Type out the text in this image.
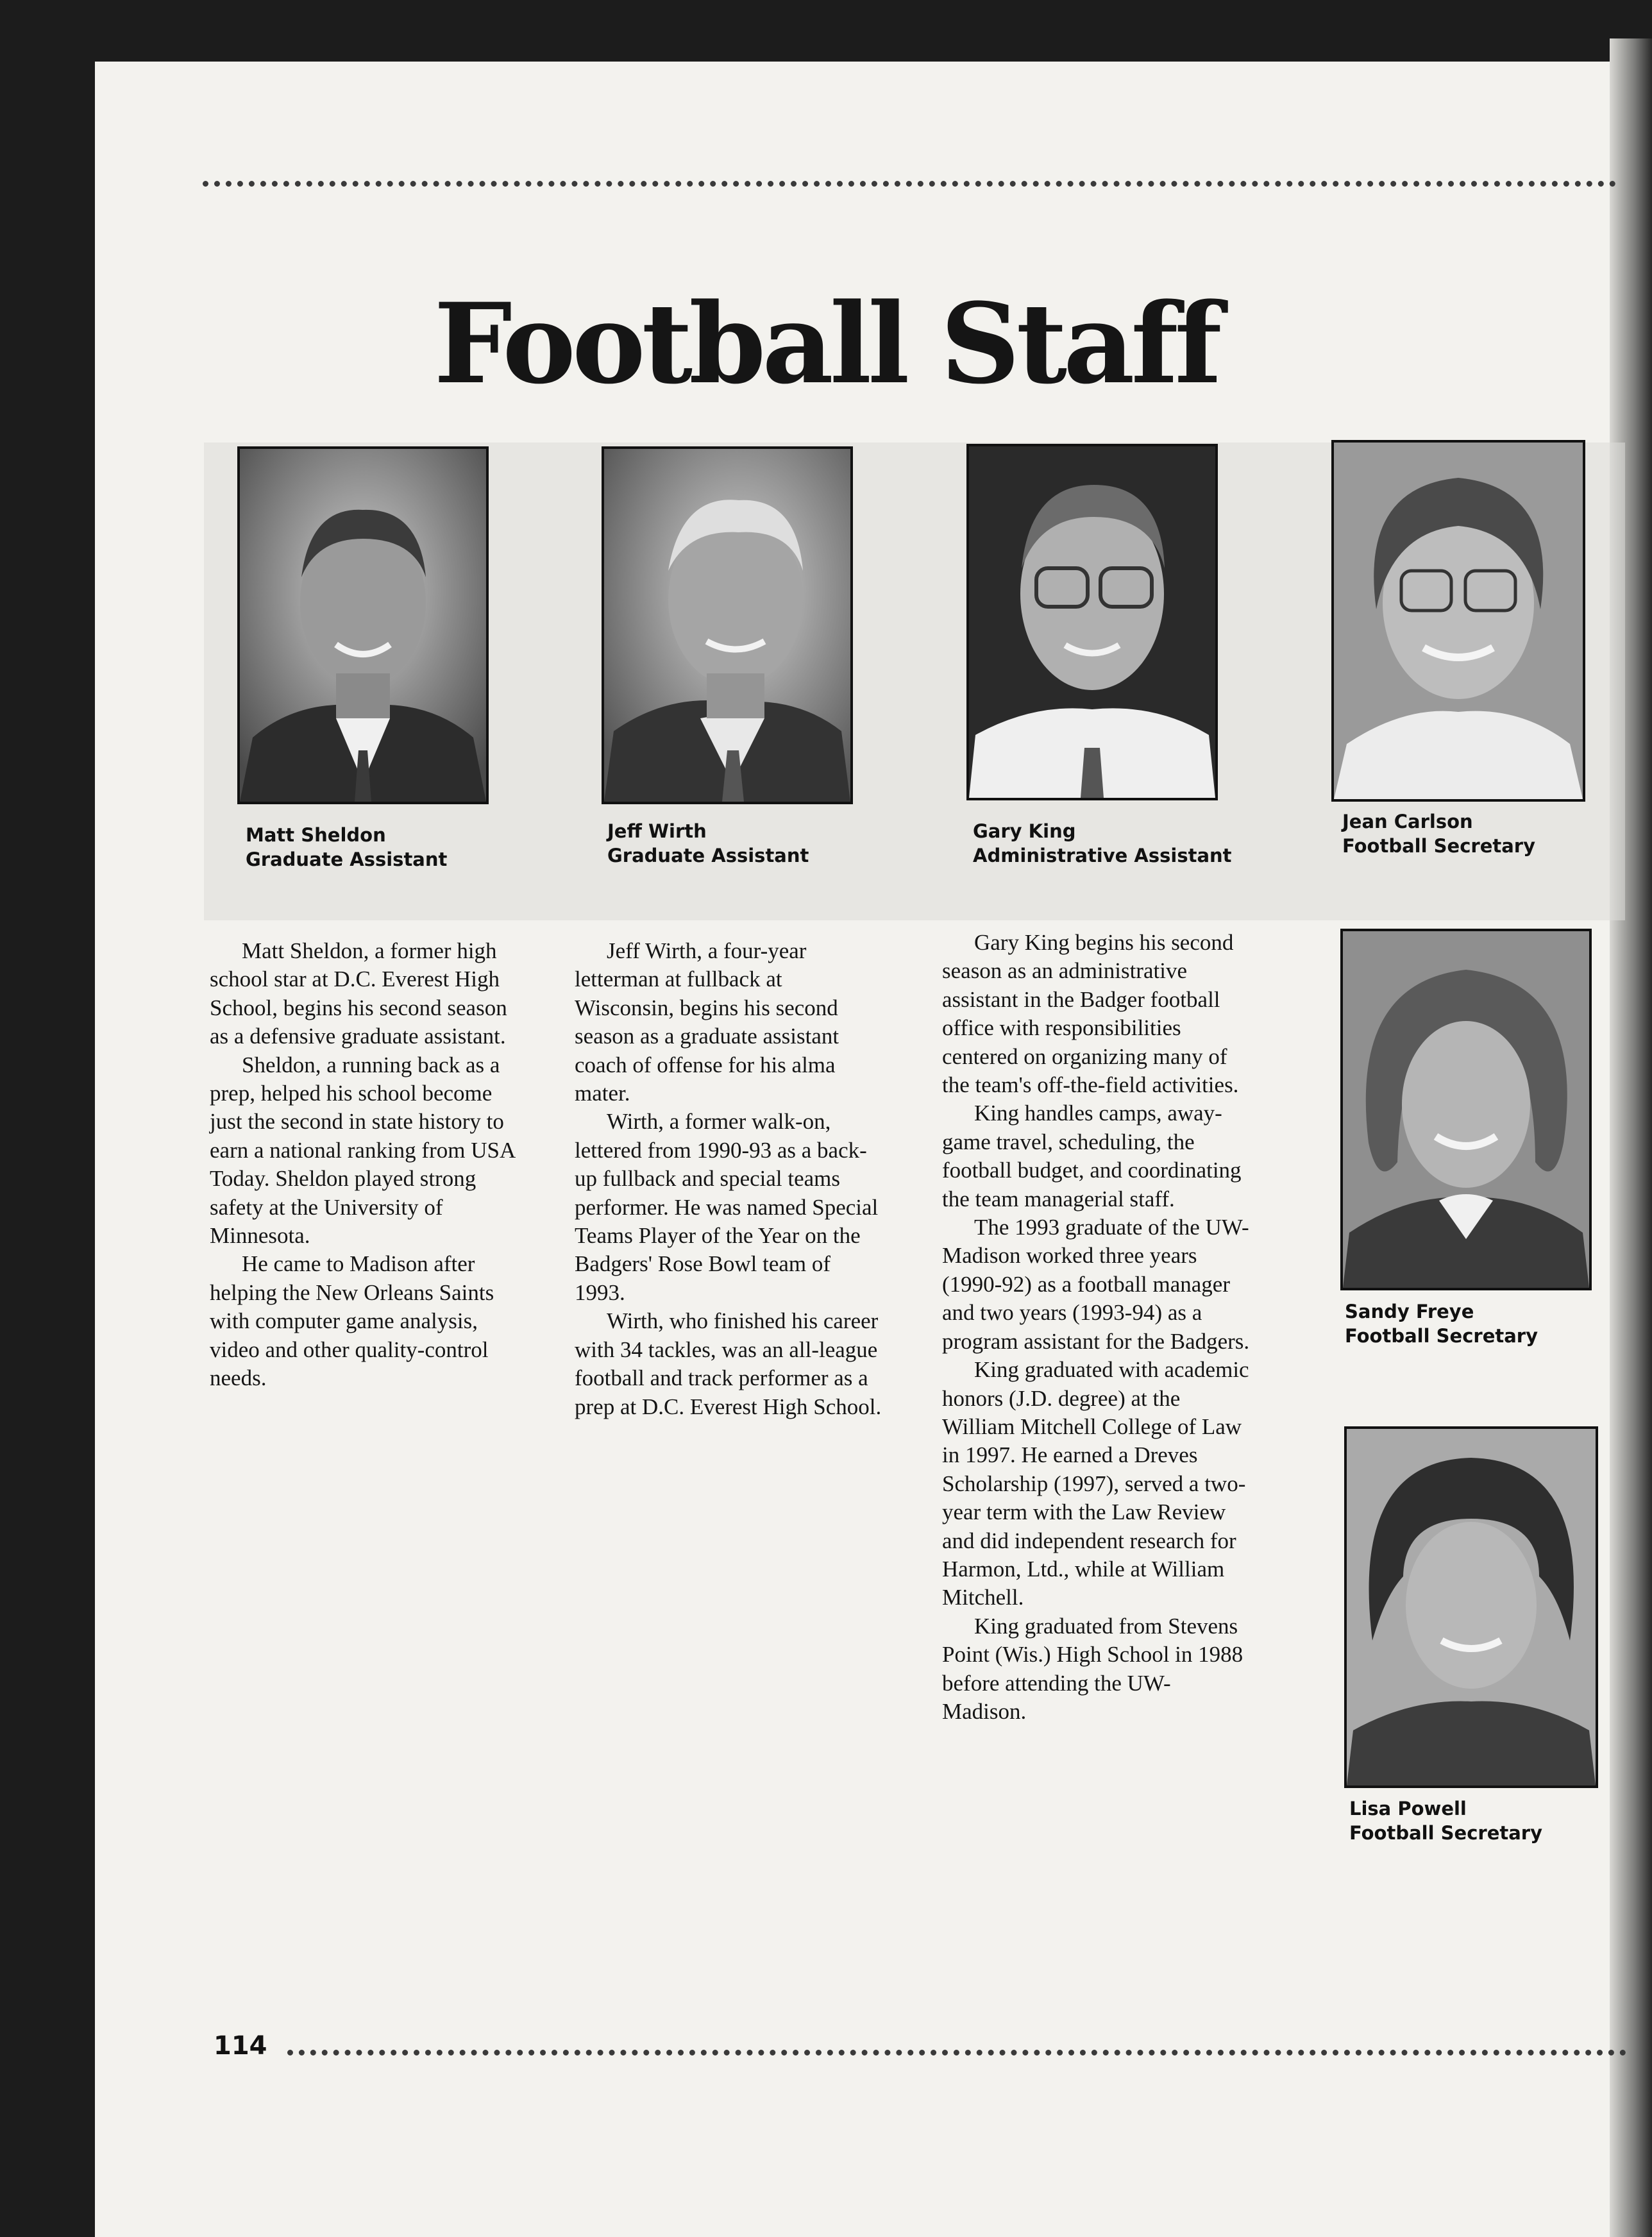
Football Staff
Matt Sheldon
Graduate Assistant
Jeff Wirth
Graduate Assistant
Gary King
Administrative Assistant
Jean Carlson
Football Secretary
Sandy Freye
Football Secretary
Lisa Powell
Football Secretary

Matt Sheldon, a former high school star at D.C. Everest High School, begins his second season as a defensive graduate assistant.

Sheldon, a running back as a prep, helped his school become just the second in state history to earn a national ranking from USA Today. Sheldon played strong safety at the University of Minnesota.

He came to Madison after helping the New Orleans Saints with computer game analysis, video and other quality-control needs.

Jeff Wirth, a four-year letterman at fullback at Wisconsin, begins his second season as a graduate assistant coach of offense for his alma mater.

Wirth, a former walk-on, lettered from 1990-93 as a back-up fullback and special teams performer. He was named Special Teams Player of the Year on the Badgers' Rose Bowl team of 1993.

Wirth, who finished his career with 34 tackles, was an all-league football and track performer as a prep at D.C. Everest High School.

Gary King begins his second season as an administrative assistant in the Badger football office with responsibilities centered on organizing many of the team's off-the-field activities.

King handles camps, away-game travel, scheduling, the football budget, and coordinating the team managerial staff.

The 1993 graduate of the UW-Madison worked three years (1990-92) as a football manager and two years (1993-94) as a program assistant for the Badgers.

King graduated with academic honors (J.D. degree) at the William Mitchell College of Law in 1997. He earned a Dreves Scholarship (1997), served a two-year term with the Law Review and did independent research for Harmon, Ltd., while at William Mitchell.

King graduated from Stevens Point (Wis.) High School in 1988 before attending the UW-Madison.

114
